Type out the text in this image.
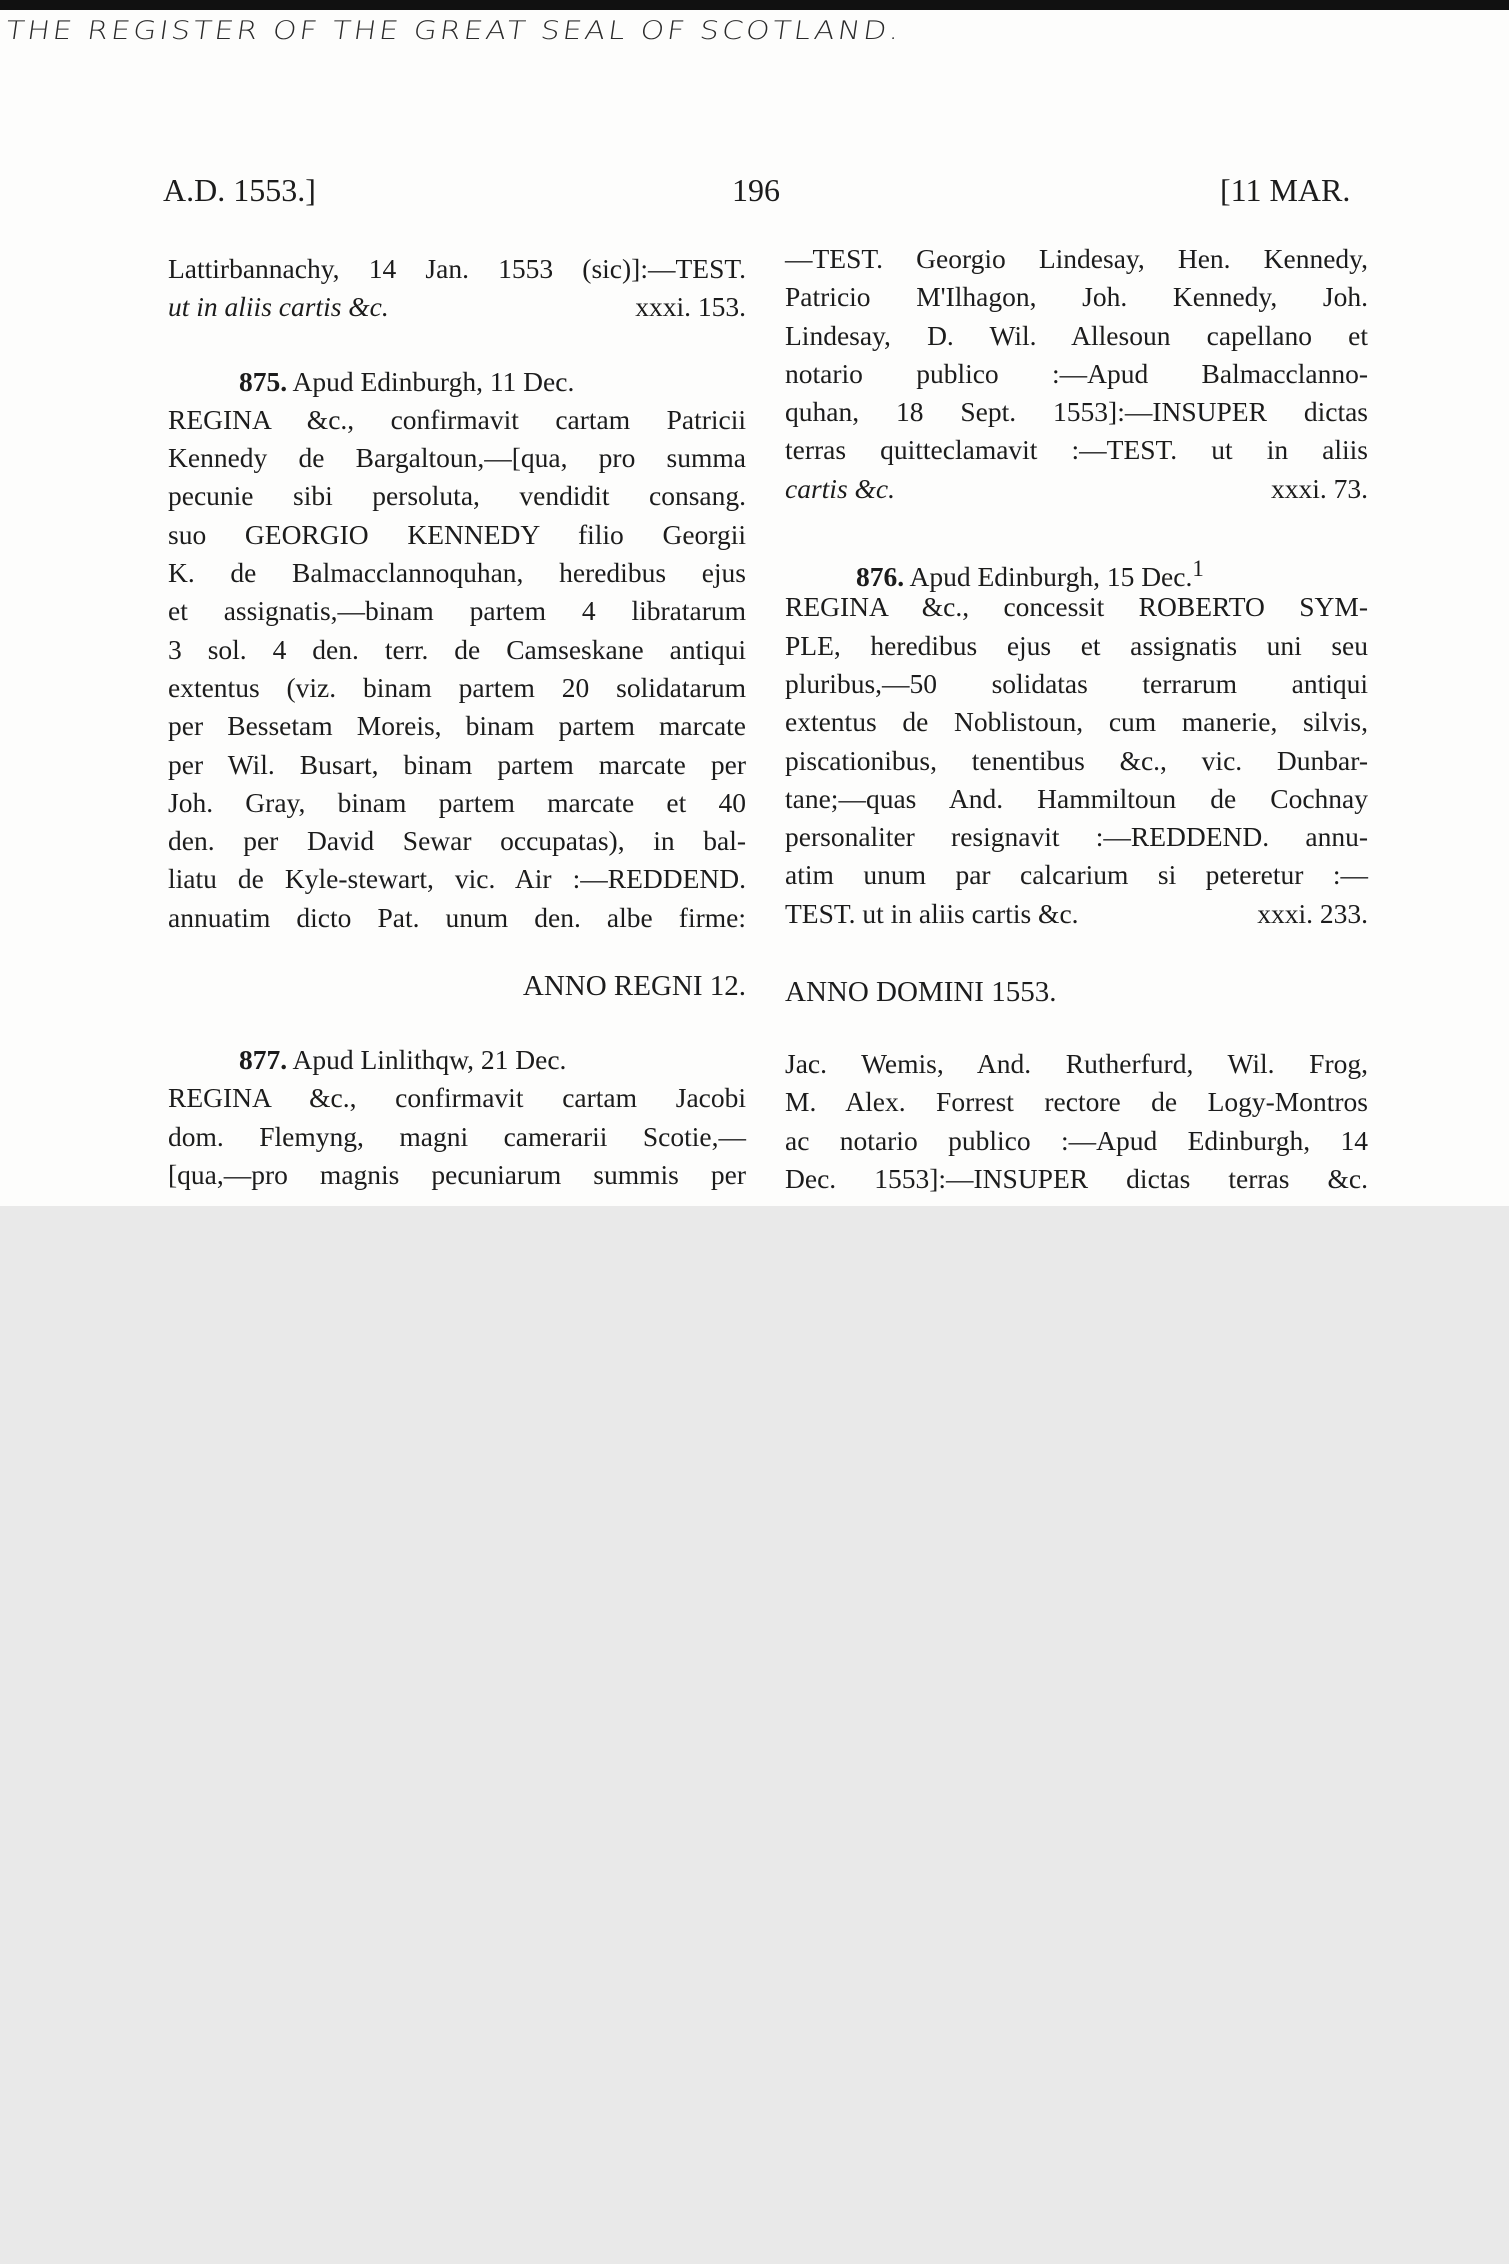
THE REGISTER OF THE GREAT SEAL OF SCOTLAND.
A.D. 1553.]	196	[11 MAR.
Lattirbannachy, 14 Jan. 1553 (sic)]:—TEST.
ut in aliis cartis &c.	xxxi. 153.
875. Apud Edinburgh, 11 Dec.
REGINA &c., confirmavit cartam Patricii
Kennedy de Bargaltoun,—[qua, pro summa
pecunie sibi persoluta, vendidit consang.
suo GEORGIO KENNEDY filio Georgii
K. de Balmacclannoquhan, heredibus ejus
et assignatis,—binam partem 4 libratarum
3 sol. 4 den. terr. de Camseskane antiqui
extentus (viz. binam partem 20 solidatarum
per Bessetam Moreis, binam partem marcate
per Wil. Busart, binam partem marcate per
Joh. Gray, binam partem marcate et 40
den. per David Sewar occupatas), in bal-
liatu de Kyle-stewart, vic. Air :—REDDEND.
annuatim dicto Pat. unum den. albe firme:
ANNO REGNI 12.
877. Apud Linlithqw, 21 Dec.
REGINA &c., confirmavit cartam Jacobi
dom. Flemyng, magni camerarii Scotie,—
[qua,—pro magnis pecuniarum summis per
—TEST. Georgio Lindesay, Hen. Kennedy,
Patricio M'Ilhagon, Joh. Kennedy, Joh.
Lindesay, D. Wil. Allesoun capellano et
notario publico :—Apud Balmacclanno-
quhan, 18 Sept. 1553]:—INSUPER dictas
terras quitteclamavit :—TEST. ut in aliis
cartis &c.	xxxi. 73.
876. Apud Edinburgh, 15 Dec.$^1$
REGINA &c., concessit ROBERTO SYM-
PLE, heredibus ejus et assignatis uni seu
pluribus,—50 solidatas terrarum antiqui
extentus de Noblistoun, cum manerie, silvis,
piscationibus, tenentibus &c., vic. Dunbar-
tane;—quas And. Hammiltoun de Cochnay
personaliter resignavit :—REDDEND. annu-
atim unum par calcarium si peteretur :—
TEST. ut in aliis cartis &c.	xxxi. 233.
ANNO DOMINI 1553.
Jac. Wemis, And. Rutherfurd, Wil. Frog,
M. Alex. Forrest rectore de Logy-Montros
ac notario publico :—Apud Edinburgh, 14
Dec. 1553]:—INSUPER dictas terras &c.
